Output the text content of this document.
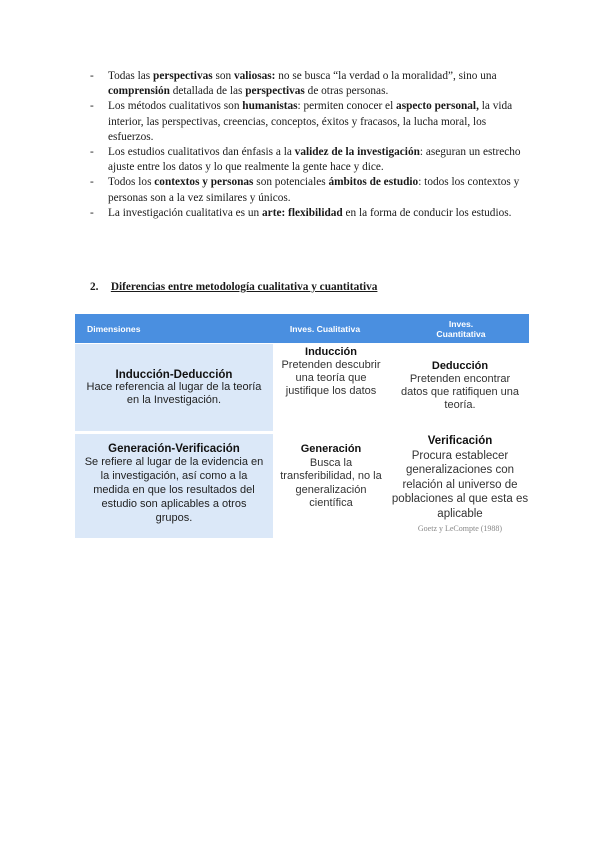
- Todas las perspectivas son valiosas: no se busca “la verdad o la moralidad”, sino una comprensión detallada de las perspectivas de otras personas.
- Los métodos cualitativos son humanistas: permiten conocer el aspecto personal, la vida interior, las perspectivas, creencias, conceptos, éxitos y fracasos, la lucha moral, los esfuerzos.
- Los estudios cualitativos dan énfasis a la validez de la investigación: aseguran un estrecho ajuste entre los datos y lo que realmente la gente hace y dice.
- Todos los contextos y personas son potenciales ámbitos de estudio: todos los contextos y personas son a la vez similares y únicos.
- La investigación cualitativa es un arte: flexibilidad en la forma de conducir los estudios.
2. Diferencias entre metodología cualitativa y cuantitativa
Dimensiones	Inves. Cualitativa	Inves.
Cuantitativa
Inducción-Deducción
Hace referencia al lugar de la teoría en la Investigación.
Inducción
Pretenden descubrir una teoría que justifique los datos
Deducción
Pretenden encontrar datos que ratifiquen una teoría.
Generación-Verificación
Se refiere al lugar de la evidencia en la investigación, así como a la medida en que los resultados del estudio son aplicables a otros grupos.
Generación
Busca la transferibilidad, no la generalización científica
Verificación
Procura establecer generalizaciones con relación al universo de poblaciones al que esta es aplicable
Goetz y LeCompte (1988)
